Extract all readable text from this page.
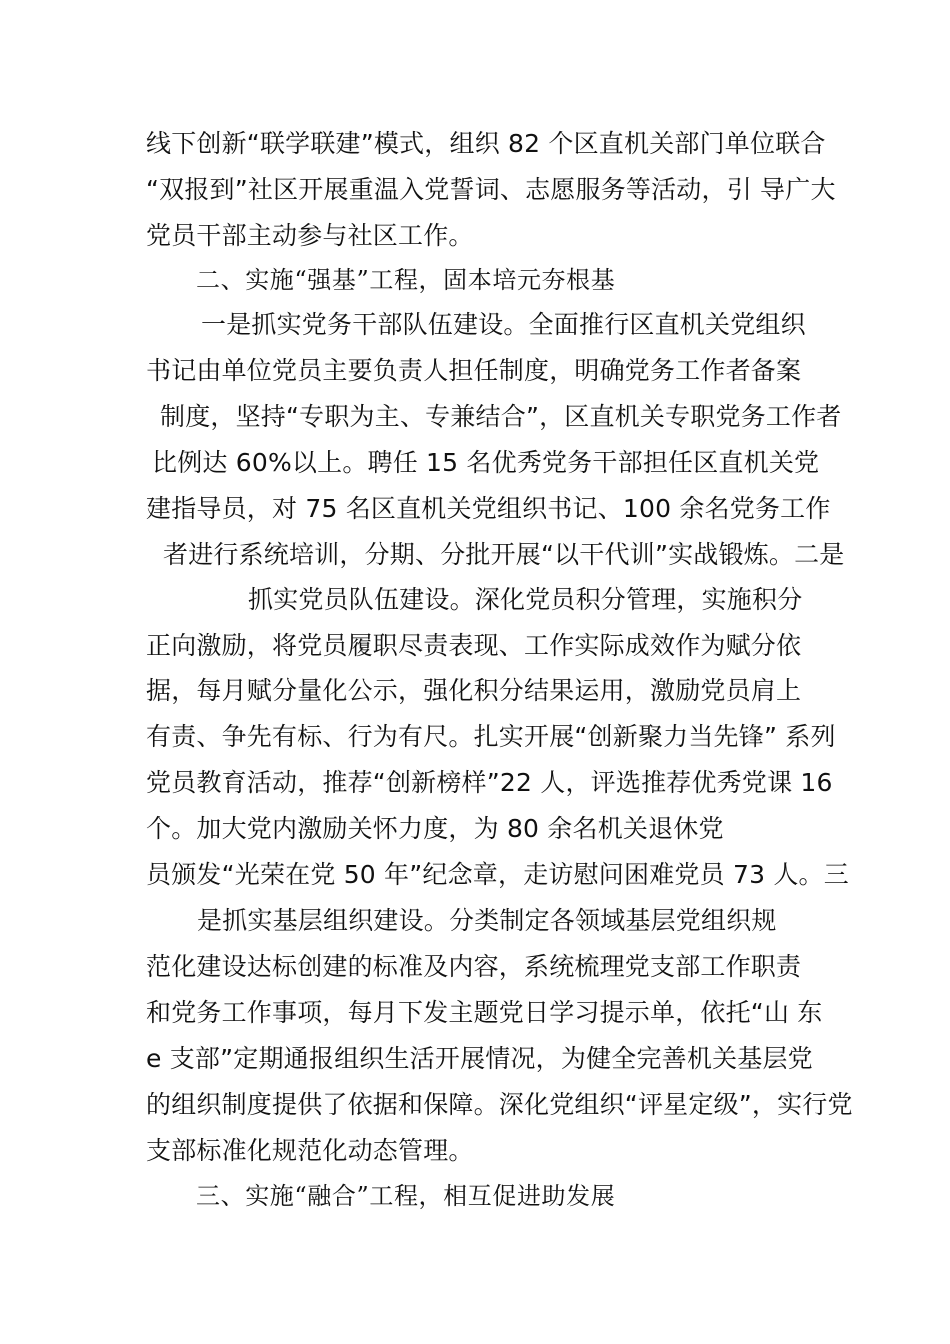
线下创新“联学联建”模式，组织 82 个区直机关部门单位联合
“双报到”社区开展重温入党誓词、志愿服务等活动，引 导广大
党员干部主动参与社区工作。
二、实施“强基”工程，固本培元夯根基
一是抓实党务干部队伍建设。全面推行区直机关党组织
书记由单位党员主要负责人担任制度，明确党务工作者备案
制度，坚持“专职为主、专兼结合”，区直机关专职党务工作者
比例达 60%以上。聘任 15 名优秀党务干部担任区直机关党
建指导员，对 75 名区直机关党组织书记、100 余名党务工作
者进行系统培训，分期、分批开展“以干代训”实战锻炼。二是
抓实党员队伍建设。深化党员积分管理，实施积分
正向激励，将党员履职尽责表现、工作实际成效作为赋分依
据，每月赋分量化公示，强化积分结果运用，激励党员肩上
有责、争先有标、行为有尺。扎实开展“创新聚力当先锋” 系列
党员教育活动，推荐“创新榜样”22 人，评选推荐优秀党课 16
个。加大党内激励关怀力度，为 80 余名机关退休党
员颁发“光荣在党 50 年”纪念章，走访慰问困难党员 73 人。三
是抓实基层组织建设。分类制定各领域基层党组织规
范化建设达标创建的标准及内容，系统梳理党支部工作职责
和党务工作事项，每月下发主题党日学习提示单，依托“山 东
e 支部”定期通报组织生活开展情况，为健全完善机关基层党
的组织制度提供了依据和保障。深化党组织“评星定级”，实行党
支部标准化规范化动态管理。
三、实施“融合”工程，相互促进助发展
